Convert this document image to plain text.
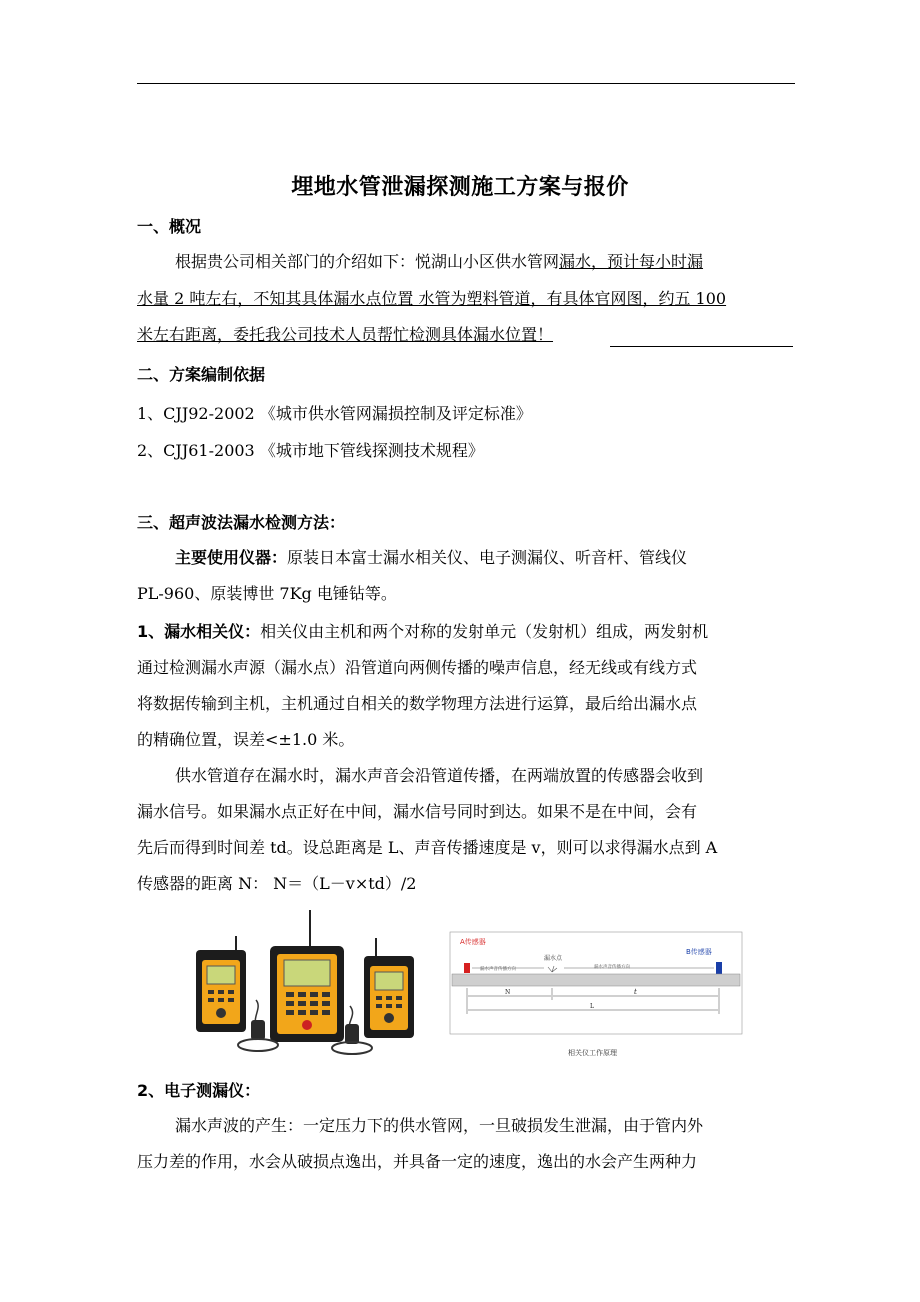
埋地水管泄漏探测施工方案与报价
一、概况
根据贵公司相关部门的介绍如下：悦湖山小区供水管网漏水，预计每小时漏
水量 2 吨左右，不知其具体漏水点位置 水管为塑料管道，有具体官网图，约五 100
米左右距离，委托我公司技术人员帮忙检测具体漏水位置！
二、方案编制依据
1、CJJ92-2002 《城市供水管网漏损控制及评定标准》
2、CJJ61-2003 《城市地下管线探测技术规程》
三、超声波法漏水检测方法：
主要使用仪器：原装日本富士漏水相关仪、电子测漏仪、听音杆、管线仪
PL-960、原装博世 7Kg 电锤钻等。
1、漏水相关仪：相关仪由主机和两个对称的发射单元（发射机）组成，两发射机
通过检测漏水声源（漏水点）沿管道向两侧传播的噪声信息，经无线或有线方式
将数据传输到主机，主机通过自相关的数学物理方法进行运算，最后给出漏水点
的精确位置，误差<±1.0 米。
供水管道存在漏水时，漏水声音会沿管道传播，在两端放置的传感器会收到
漏水信号。如果漏水点正好在中间，漏水信号同时到达。如果不是在中间，会有
先后而得到时间差 td。设总距离是 L、声音传播速度是 v，则可以求得漏水点到 A
传感器的距离 N： N＝（L－v×td）/2
A传感器
B传感器
漏水点
漏水声音传播方向	漏水声音传播方向
N	t
L
相关仪工作原理
2、电子测漏仪：
漏水声波的产生：一定压力下的供水管网，一旦破损发生泄漏，由于管内外
压力差的作用，水会从破损点逸出，并具备一定的速度，逸出的水会产生两种力
